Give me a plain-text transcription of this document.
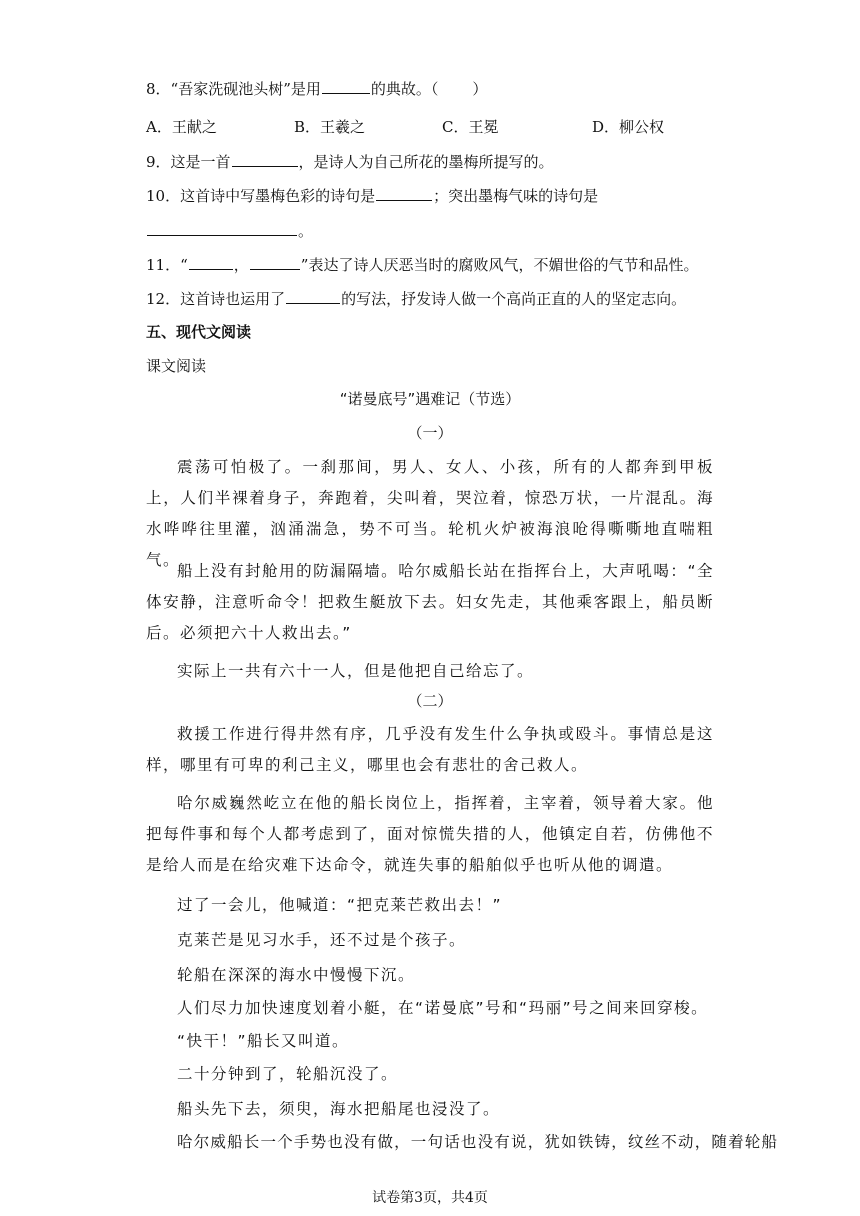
8．“吾家洗砚池头树”是用	的典故。（ ）
A．王献之	B．王羲之	C．王冕	D．柳公权
9．这是一首	，是诗人为自己所花的墨梅所提写的。
10．这首诗中写墨梅色彩的诗句是	；突出墨梅气味的诗句是
。
11．“	，	”表达了诗人厌恶当时的腐败风气，不媚世俗的气节和品性。
12．这首诗也运用了	的写法，抒发诗人做一个高尚正直的人的坚定志向。
五、现代文阅读
课文阅读
“诺曼底号”遇难记（节选）
（一）
震荡可怕极了。一刹那间，男人、女人、小孩，所有的人都奔到甲板上，人们半裸着身子，奔跑着，尖叫着，哭泣着，惊恐万状，一片混乱。海水哗哗往里灌，汹涌湍急，势不可当。轮机火炉被海浪呛得嘶嘶地直喘粗气。
船上没有封舱用的防漏隔墙。哈尔威船长站在指挥台上，大声吼喝：“全体安静，注意听命令！把救生艇放下去。妇女先走，其他乘客跟上，船员断后。必须把六十人救出去。”
实际上一共有六十一人，但是他把自己给忘了。
（二）
救援工作进行得井然有序，几乎没有发生什么争执或殴斗。事情总是这样，哪里有可卑的利己主义，哪里也会有悲壮的舍己救人。
哈尔威巍然屹立在他的船长岗位上，指挥着，主宰着，领导着大家。他把每件事和每个人都考虑到了，面对惊慌失措的人，他镇定自若，仿佛他不是给人而是在给灾难下达命令，就连失事的船舶似乎也听从他的调遣。
过了一会儿，他喊道：“把克莱芒救出去！”
克莱芒是见习水手，还不过是个孩子。
轮船在深深的海水中慢慢下沉。
人们尽力加快速度划着小艇，在“诺曼底”号和“玛丽”号之间来回穿梭。
“快干！”船长又叫道。
二十分钟到了，轮船沉没了。
船头先下去，须臾，海水把船尾也浸没了。
哈尔威船长一个手势也没有做，一句话也没有说，犹如铁铸，纹丝不动，随着轮船
试卷第3页，共4页
